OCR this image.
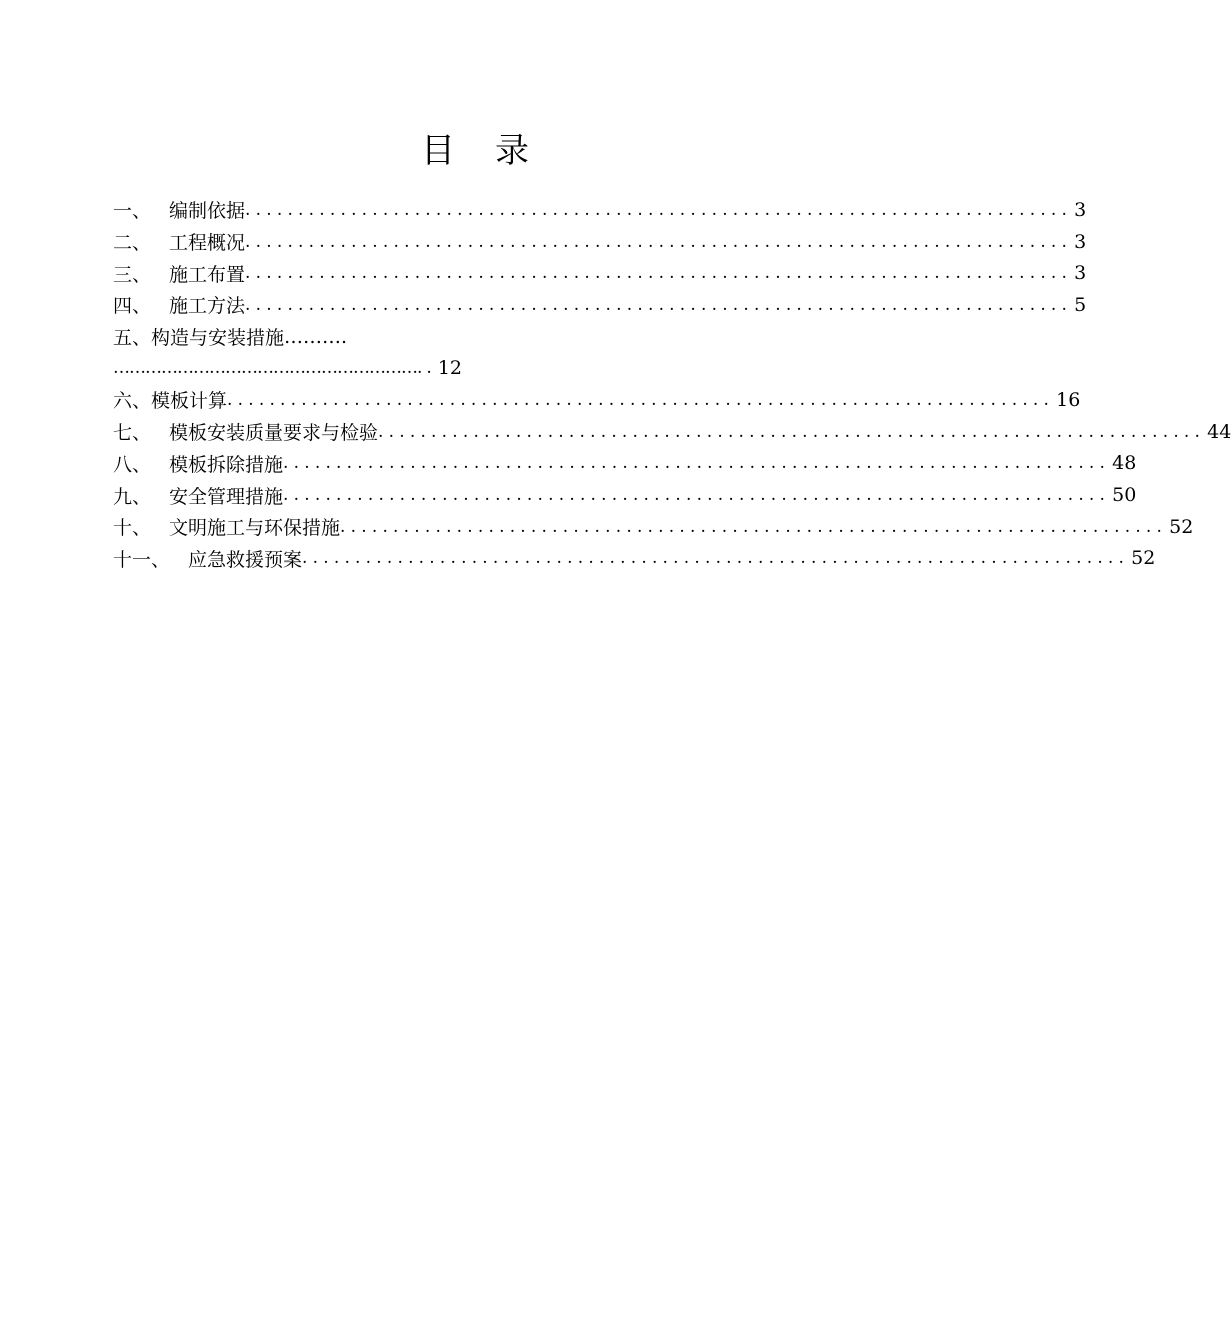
目 录
一、 编制依据 .............................................................................. 3
二、 工程概况 .............................................................................. 3
三、 施工布置 .............................................................................. 3
四、 施工方法 .............................................................................. 5
五、 构造与安装措施 ……….
………………………………………………… .. 12
六、 模板计算 .............................................................................. 16
七、 模板安装质量要求与检验 .............................................................................. 44
八、 模板拆除措施 .............................................................................. 48
九、 安全管理措施 .............................................................................. 50
十、 文明施工与环保措施 .............................................................................. 52
十一、 应急救援预案 .............................................................................. 52
